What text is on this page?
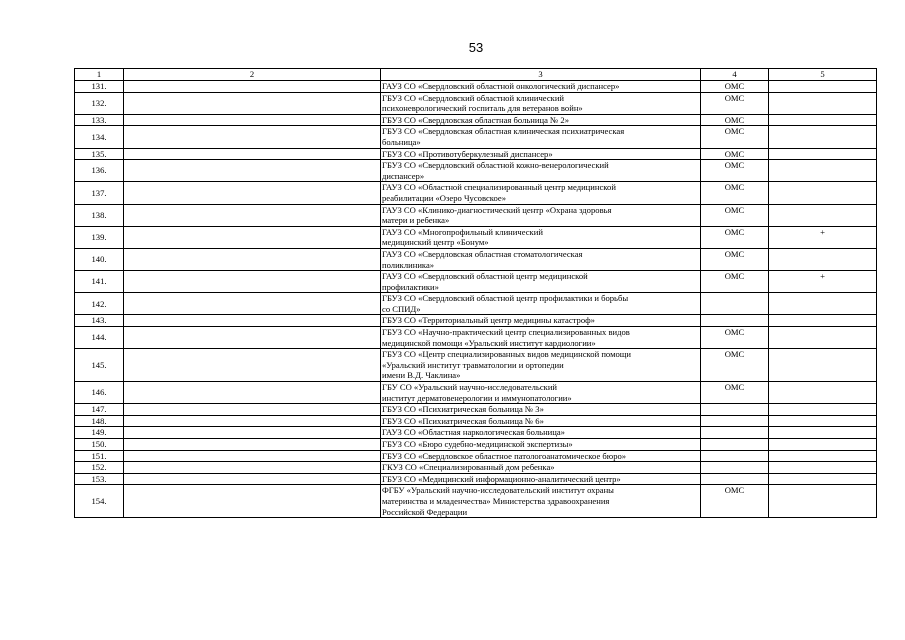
53
1	2	3	4	5
131.		ГАУЗ СО «Свердловский областной онкологический диспансер»	ОМС	
132.		ГБУЗ СО «Свердловский областной клинический
психоневрологический госпиталь для ветеранов войн»	ОМС	
133.		ГБУЗ СО «Свердловская областная больница № 2»	ОМС	
134.		ГБУЗ СО «Свердловская областная клиническая психиатрическая
больница»	ОМС	
135.		ГБУЗ СО «Противотуберкулезный диспансер»	ОМС	
136.		ГБУЗ СО «Свердловский областной кожно-венерологический
диспансер»	ОМС	
137.		ГАУЗ СО «Областной специализированный центр медицинской
реабилитации «Озеро Чусовское»	ОМС	
138.		ГАУЗ СО «Клинико-диагностический центр «Охрана здоровья
матери и ребенка»	ОМС	
139.		ГАУЗ СО «Многопрофильный клинический
медицинский центр «Бонум»	ОМС	+
140.		ГАУЗ СО «Свердловская областная стоматологическая
поликлиника»	ОМС	
141.		ГАУЗ СО «Свердловский областной центр медицинской
профилактики»	ОМС	+
142.		ГБУЗ СО «Свердловский областной центр профилактики и борьбы
со СПИД»		
143.		ГБУЗ СО «Территориальный центр медицины катастроф»		
144.		ГБУЗ СО «Научно-практический центр специализированных видов
медицинской помощи «Уральский институт кардиологии»	ОМС	
145.		ГБУЗ СО «Центр специализированных видов медицинской помощи
«Уральский институт травматологии и ортопедии
имени В.Д. Чаклина»	ОМС	
146.		ГБУ СО «Уральский научно-исследовательский
институт дерматовенерологии и иммунопатологии»	ОМС	
147.		ГБУЗ СО «Психиатрическая больница № 3»		
148.		ГБУЗ СО «Психиатрическая больница № 6»		
149.		ГАУЗ СО «Областная наркологическая больница»		
150.		ГБУЗ СО «Бюро судебно-медицинской экспертизы»		
151.		ГБУЗ СО «Свердловское областное патологоанатомическое бюро»		
152.		ГКУЗ СО «Специализированный дом ребенка»		
153.		ГБУЗ СО «Медицинский информационно-аналитический центр»		
154.		ФГБУ «Уральский научно-исследовательский институт охраны
материнства и младенчества» Министерства здравоохранения
Российской Федерации	ОМС	
